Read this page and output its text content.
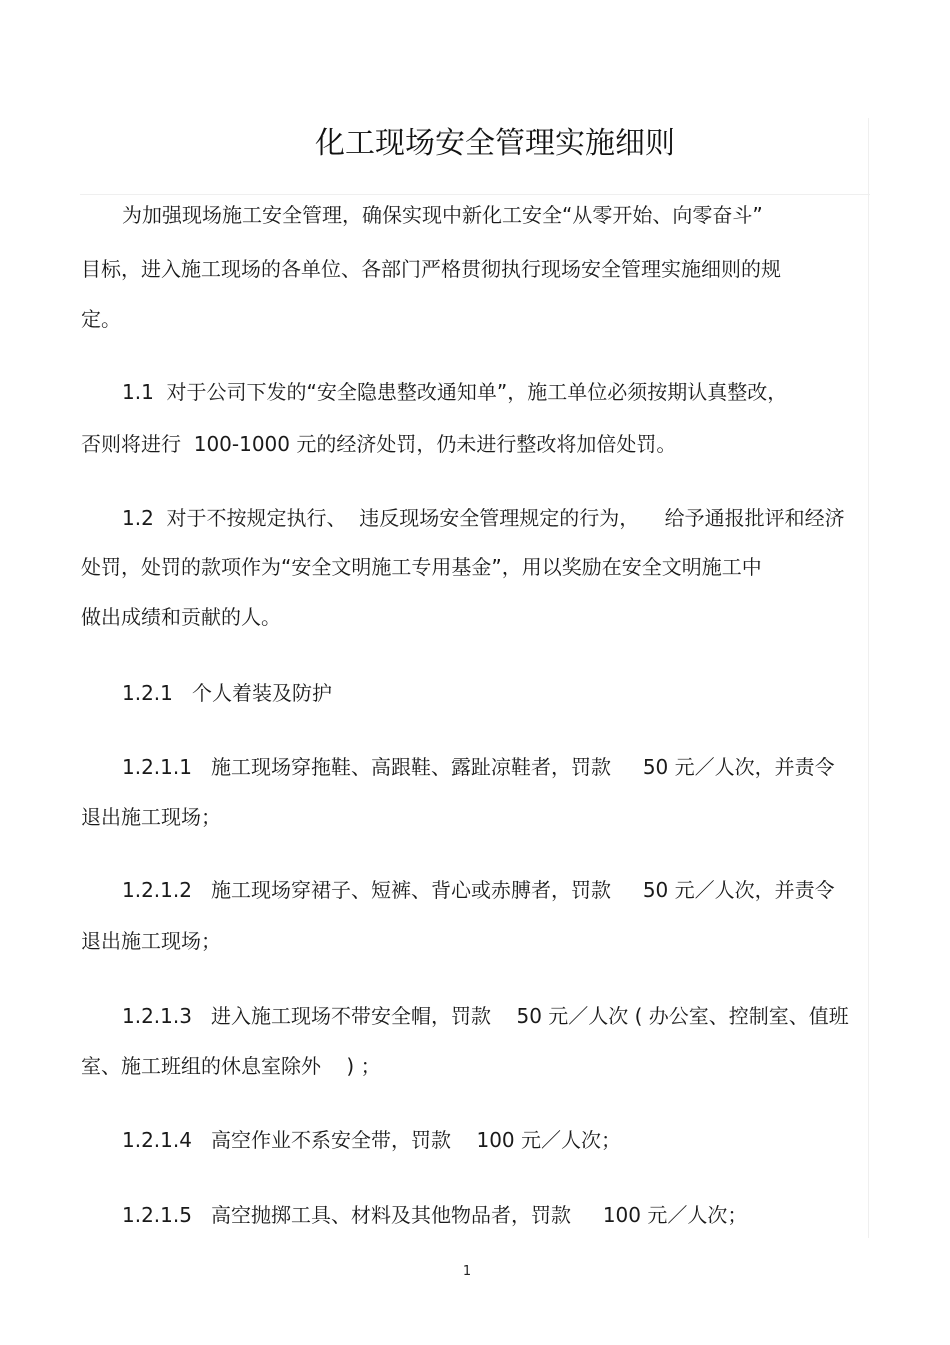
化工现场安全管理实施细则
为加强现场施工安全管理，确保实现中新化工安全“从零开始、向零奋斗”
目标，进入施工现场的各单位、各部门严格贯彻执行现场安全管理实施细则的规
定。
1.1  对于公司下发的“安全隐患整改通知单”，施工单位必须按期认真整改，
否则将进行  100-1000 元的经济处罚，仍未进行整改将加倍处罚。
1.2  对于不按规定执行、  违反现场安全管理规定的行为，    给予通报批评和经济
处罚，处罚的款项作为“安全文明施工专用基金”，用以奖励在安全文明施工中
做出成绩和贡献的人。
1.2.1   个人着装及防护
1.2.1.1   施工现场穿拖鞋、高跟鞋、露趾凉鞋者，罚款     50 元／人次，并责令
退出施工现场；
1.2.1.2   施工现场穿裙子、短裤、背心或赤膊者，罚款     50 元／人次，并责令
退出施工现场；
1.2.1.3   进入施工现场不带安全帽，罚款    50 元／人次 ( 办公室、控制室、值班
室、施工班组的休息室除外    ) ；
1.2.1.4   高空作业不系安全带，罚款    100 元／人次；
1.2.1.5   高空抛掷工具、材料及其他物品者，罚款     100 元／人次；
1
